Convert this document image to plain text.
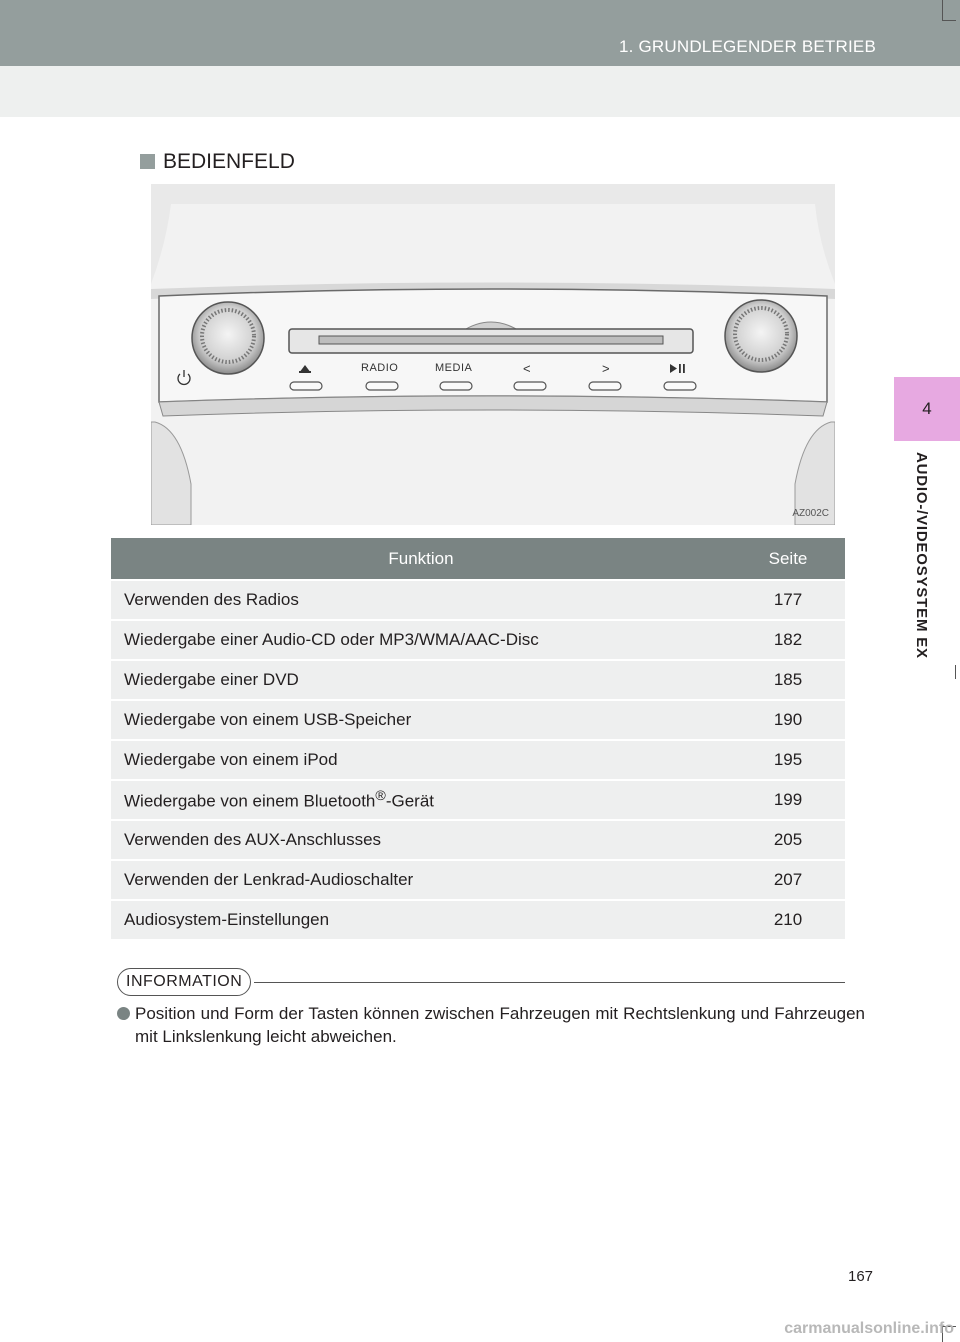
1. GRUNDLEGENDER BETRIEB
4
AUDIO-/VIDEOSYSTEM EX
BEDIENFELD
RADIO	MEDIA	<	>
AZ002C
Funktion	Seite
Verwenden des Radios	177
Wiedergabe einer Audio-CD oder MP3/WMA/AAC-Disc	182
Wiedergabe einer DVD	185
Wiedergabe von einem USB-Speicher	190
Wiedergabe von einem iPod	195
Wiedergabe von einem Bluetooth®-Gerät	199
Verwenden des AUX-Anschlusses	205
Verwenden der Lenkrad-Audioschalter	207
Audiosystem-Einstellungen	210
INFORMATION
Position und Form der Tasten können zwischen Fahrzeugen mit Rechtslenkung und Fahrzeugen mit Linkslenkung leicht abweichen.
167
carmanualsonline.info
